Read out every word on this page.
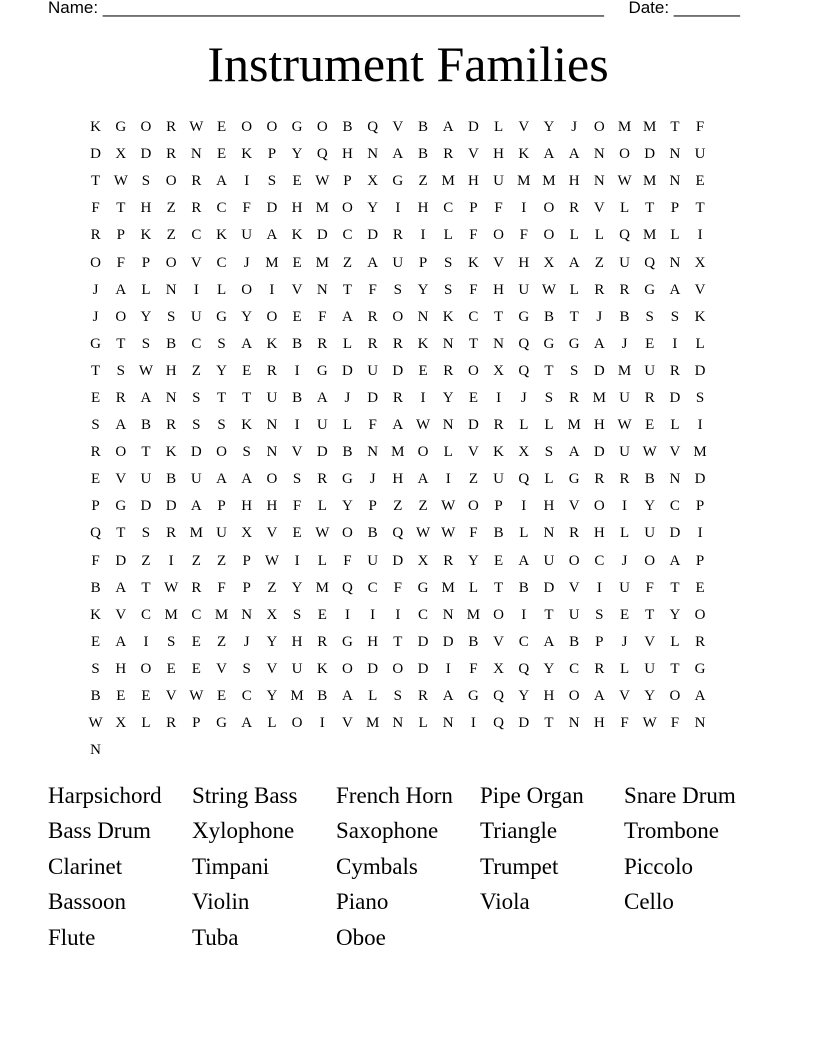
Name: _____________________________________________________ Date: _______
Instrument Families
K G O R W E	O O G O B Q V B A D	L	V Y	J	O M M T	F
D X D R N	E	K	P	Y Q H N A B	R V H K A A N O D N U
T W S	O R A	I	S	E W P	X G	Z M H U M M H N W M N	E
F	T	H	Z	R	C	F	D H M O Y	I	H C	P	F	I	O R V	L	T	P	T
R	P	K	Z	C K U A K D C D R	I	L	F	O	F	O	L	L	Q M L	I
O	F	P	O V C	J	M E M Z	A U	P	S	K V H X A	Z	U Q N X
J	A	L	N	I	L	O	I	V N	T	F	S	Y	S	F	H U W L	R	R G A V
J	O Y	S	U G Y O	E	F	A R O N K C	T	G B	T	J	B	S	S	K
G	T	S	B	C	S	A K B	R	L	R	R K N	T	N Q G G A	J	E	I	L
T	S W H	Z	Y	E	R	I	G D U D	E	R O X Q	T	S	D M U R D
E	R A N	S	T	T	U B A	J	D R	I	Y	E	I	J	S	R M U R D	S
S	A B	R	S	S	K N	I	U	L	F	A W N D R	L	L M H W E	L	I
R O	T	K D O	S	N V D B N M O	L	V K X	S	A D U W V M
E	V U B U A A O	S	R G	J	H A	I	Z	U Q	L	G R	R	B N D
P	G D D A	P	H H	F	L	Y	P	Z	Z W O	P	I	H V O	I	Y C	P
Q	T	S	R M U X V	E W O B Q W W F	B	L	N R H	L	U D	I
F	D	Z	I	Z	Z	P W	I	L	F	U D X R Y	E	A U O C	J	O A	P
B A	T W R	F	P	Z	Y M Q C	F	G M L	T	B D V	I	U	F	T	E
K V C M C M N X	S	E	I	I	I	C N M O	I	T	U	S	E	T	Y O
E	A	I	S	E	Z	J	Y H R G H	T	D D B V C A B	P	J	V	L	R
S	H O	E	E	V	S	V U K O D O D	I	F	X Q Y C	R	L	U	T	G
B	E	E	V W E	C Y M B A	L	S	R A G Q Y H O A V Y O A
W X	L	R	P	G A	L	O	I	V M N	L	N	I	Q D	T	N H	F W F	N
N
Harpsichord	String Bass	French Horn	Pipe Organ	Snare Drum
Bass Drum	Xylophone	Saxophone	Triangle	Trombone
Clarinet	Timpani	Cymbals	Trumpet	Piccolo
Bassoon	Violin	Piano	Viola	Cello
Flute	Tuba	Oboe
